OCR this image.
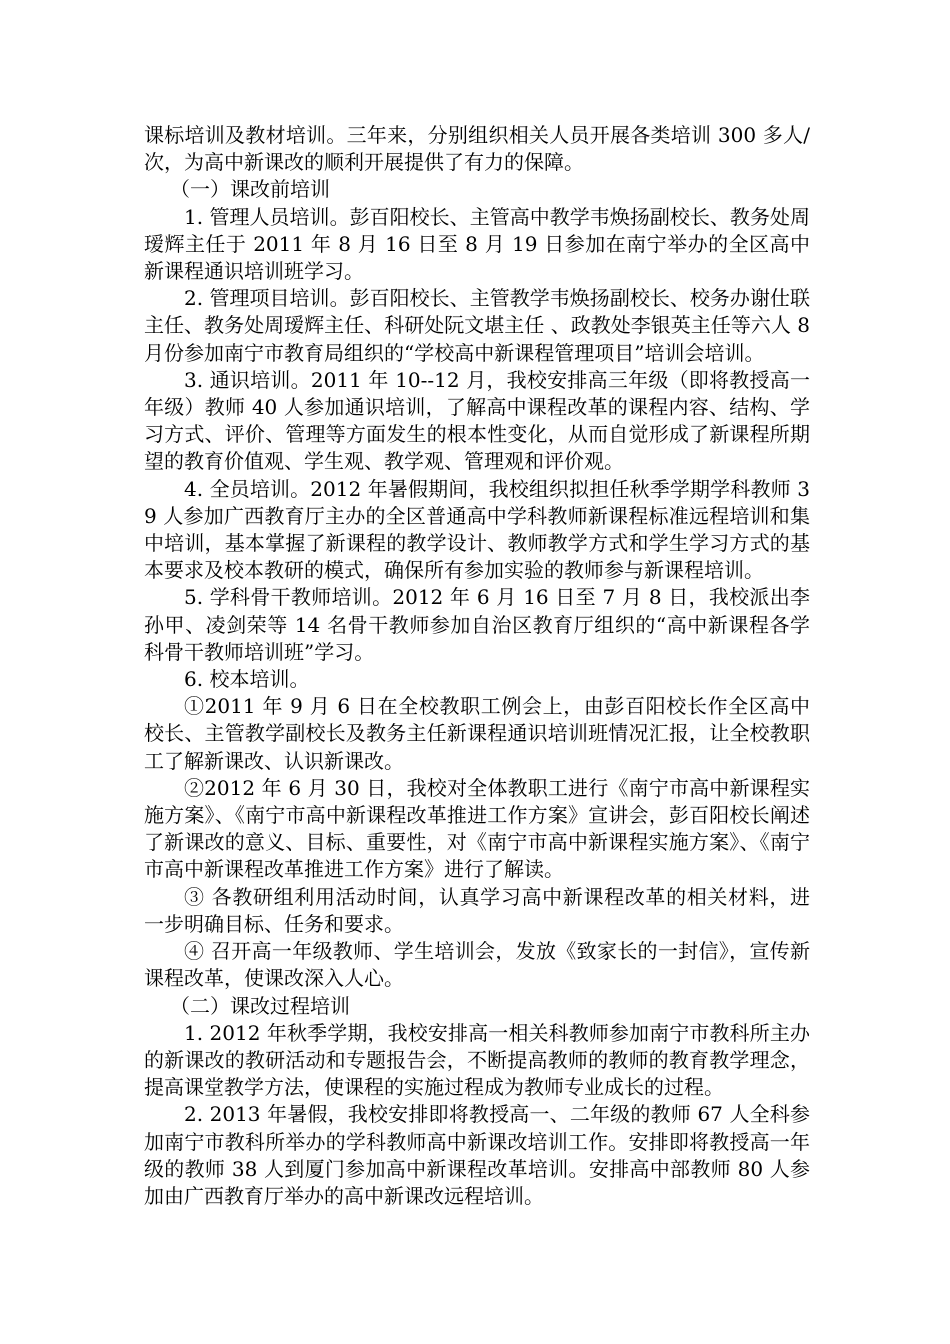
课标培训及教材培训。三年来，分别组织相关人员开展各类培训 300 多人/次，为高中新课改的顺利开展提供了有力的保障。

（一）课改前培训

1. 管理人员培训。彭百阳校长、主管高中教学韦焕扬副校长、教务处周瑷辉主任于 2011 年 8 月 16 日至 8 月 19 日参加在南宁举办的全区高中新课程通识培训班学习。

2. 管理项目培训。彭百阳校长、主管教学韦焕扬副校长、校务办谢仕联主任、教务处周瑷辉主任、科研处阮文堪主任 、政教处李银英主任等六人 8 月份参加南宁市教育局组织的“学校高中新课程管理项目”培训会培训。

3. 通识培训。2011 年 10--12 月，我校安排高三年级（即将教授高一年级）教师 40 人参加通识培训，了解高中课程改革的课程内容、结构、学习方式、评价、管理等方面发生的根本性变化，从而自觉形成了新课程所期望的教育价值观、学生观、教学观、管理观和评价观。

4. 全员培训。2012 年暑假期间，我校组织拟担任秋季学期学科教师 39 人参加广西教育厅主办的全区普通高中学科教师新课程标准远程培训和集中培训，基本掌握了新课程的教学设计、教师教学方式和学生学习方式的基本要求及校本教研的模式，确保所有参加实验的教师参与新课程培训。

5. 学科骨干教师培训。2012 年 6 月 16 日至 7 月 8 日，我校派出李孙甲、凌剑荣等 14 名骨干教师参加自治区教育厅组织的“高中新课程各学科骨干教师培训班”学习。

6. 校本培训。

①2011 年 9 月 6 日在全校教职工例会上，由彭百阳校长作全区高中校长、主管教学副校长及教务主任新课程通识培训班情况汇报，让全校教职工了解新课改、认识新课改。

②2012 年 6 月 30 日，我校对全体教职工进行《南宁市高中新课程实施方案》、《南宁市高中新课程改革推进工作方案》宣讲会，彭百阳校长阐述了新课改的意义、目标、重要性，对《南宁市高中新课程实施方案》、《南宁市高中新课程改革推进工作方案》进行了解读。

③ 各教研组利用活动时间，认真学习高中新课程改革的相关材料，进一步明确目标、任务和要求。

④ 召开高一年级教师、学生培训会，发放《致家长的一封信》，宣传新课程改革，使课改深入人心。

（二）课改过程培训

1. 2012 年秋季学期，我校安排高一相关科教师参加南宁市教科所主办的新课改的教研活动和专题报告会，不断提高教师的教师的教育教学理念，提高课堂教学方法，使课程的实施过程成为教师专业成长的过程。

2. 2013 年暑假，我校安排即将教授高一、二年级的教师 67 人全科参加南宁市教科所举办的学科教师高中新课改培训工作。安排即将教授高一年级的教师 38 人到厦门参加高中新课程改革培训。安排高中部教师 80 人参加由广西教育厅举办的高中新课改远程培训。
